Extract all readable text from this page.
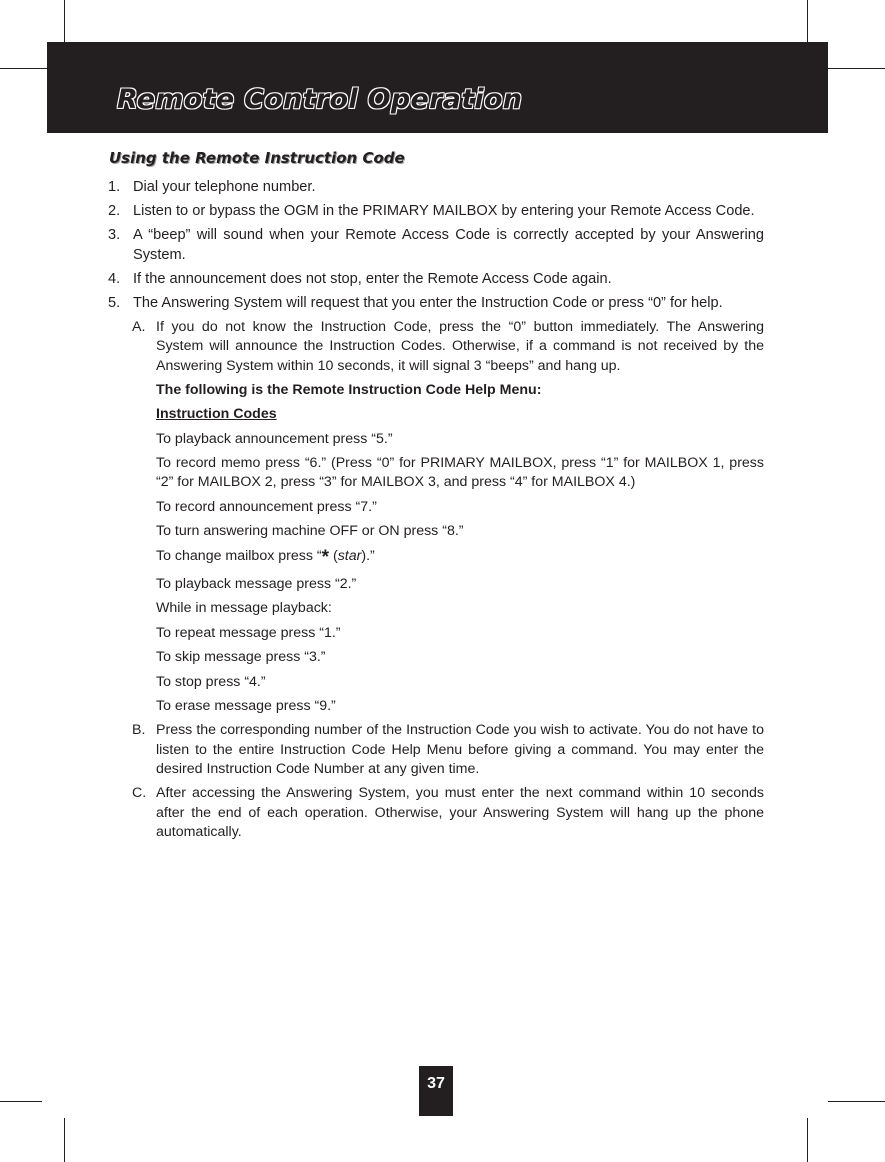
Remote Control Operation
Using the Remote Instruction Code
1. Dial your telephone number.
2. Listen to or bypass the OGM in the PRIMARY MAILBOX by entering your Remote Access Code.
3. A “beep” will sound when your Remote Access Code is correctly accepted by your Answering System.
4. If the announcement does not stop, enter the Remote Access Code again.
5. The Answering System will request that you enter the Instruction Code or press “0” for help.
A. If you do not know the Instruction Code, press the “0” button immediately. The Answering System will announce the Instruction Codes. Otherwise, if a command is not received by the Answering System within 10 seconds, it will signal 3 “beeps” and hang up.
The following is the Remote Instruction Code Help Menu:
Instruction Codes
To playback announcement press “5.”
To record memo press “6.” (Press “0” for PRIMARY MAILBOX, press “1” for MAILBOX 1, press “2” for MAILBOX 2, press “3” for MAILBOX 3, and press “4” for MAILBOX 4.)
To record announcement press “7.”
To turn answering machine OFF or ON press “8.”
To change mailbox press “* (star).”
To playback message press “2.”
While in message playback:
To repeat message press “1.”
To skip message press “3.”
To stop press “4.”
To erase message press “9.”
B. Press the corresponding number of the Instruction Code you wish to activate. You do not have to listen to the entire Instruction Code Help Menu before giving a command. You may enter the desired Instruction Code Number at any given time.
C. After accessing the Answering System, you must enter the next command within 10 seconds after the end of each operation. Otherwise, your Answering System will hang up the phone automatically.
37
